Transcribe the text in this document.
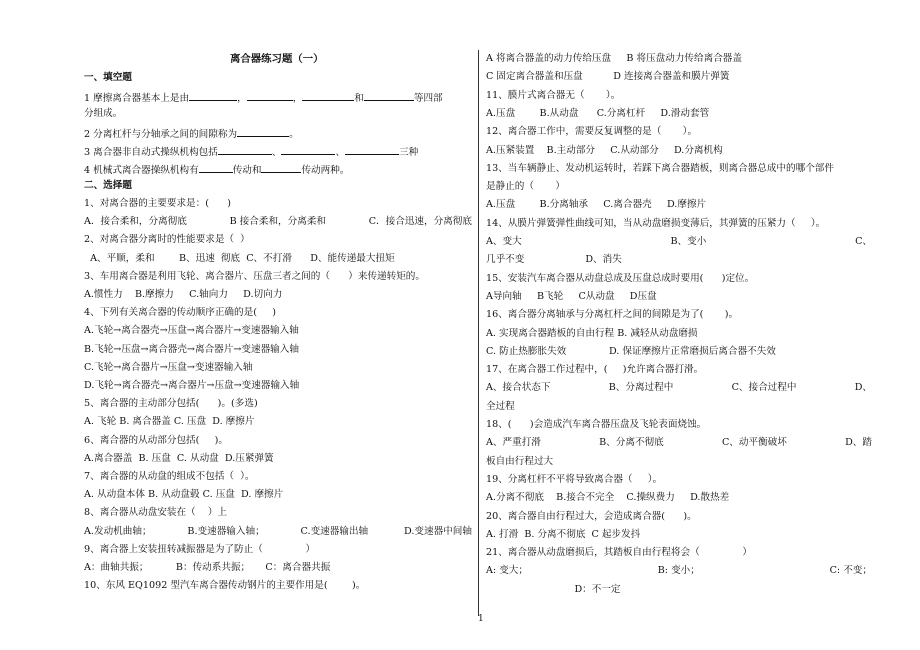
离合器练习题（一）
一、填空题
1 摩擦离合器基本上是由	，	，	和	等四部
分组成。
2 分离杠杆与分轴承之间的间隙称为	。
3 离合器非自动式操纵机构包括	、	、	三种
4 机械式离合器操纵机构有	传动和	传动两种。
二、选择题
1、对离合器的主要要求是：(      )
A．接合柔和，分离彻底	B 接合柔和，分离柔和	C．接合迅速，分离彻底
2、对离合器分离时的性能要求是（  ）
A、平顺，柔和        B、迅速  彻底  C、不打滑      D、能传递最大扭矩
3、车用离合器是利用飞轮、离合器片、压盘三者之间的（      ）来传递转矩的。
A.惯性力    B.摩擦力     C.轴向力     D.切向力
4、下列有关离合器的传动顺序正确的是(     )
A.飞轮→离合器壳→压盘→离合器片→变速器输入轴
B.飞轮→压盘→离合器壳→离合器片→变速器输入轴
C.飞轮→离合器片→压盘→变速器输入轴
D.飞轮→离合器壳→离合器片→压盘→变速器输入轴
5、离合器的主动部分包括(      )。(多选)
A. 飞轮 B. 离合器盖 C. 压盘  D. 摩擦片
6、离合器的从动部分包括(     )。
A.离合器盖  B. 压盘  C. 从动盘  D.压紧弹簧
7、离合器的从动盘的组成不包括（  ）。
A. 从动盘本体 B. 从动盘毂 C. 压盘  D. 摩擦片
8、离合器从动盘安装在（    ）上
A.发动机曲轴；	B.变速器输入轴；	C.变速器输出轴	D.变速器中间轴
9、离合器上安装扭转减振器是为了防止（              ）
A：曲轴共振；         B：传动系共振；     C：离合器共振
10、东风 EQ1092 型汽车离合器传动钢片的主要作用是(        )。
A 将离合器盖的动力传给压盘     B 将压盘动力传给离合器盖
C 固定离合器盖和压盘          D 连接离合器盖和膜片弹簧
11、膜片式离合器无（       ）。
A.压盘        B.从动盘      C.分离杠杆     D.滑动套管
12、离合器工作中，需要反复调整的是（       ）。
A.压紧装置    B.主动部分     C.从动部分     D.分离机构
13、当车辆静止、发动机运转时，若踩下离合器踏板，则离合器总成中的哪个部件
是静止的（       ）
A.压盘        B.分离轴承     C.离合器壳     D.摩擦片
14、从膜片弹簧弹性曲线可知，当从动盘磨损变薄后，其弹簧的压紧力（     ）。
A、变大	B、变小	C、
几乎不变                    D、消失
15、安装汽车离合器从动盘总成及压盘总成时要用(      )定位。
A导向轴     B飞轮     C从动盘     D压盘
16、离合器分离轴承与分离杠杆之间的间隙是为了(       )。
A. 实现离合器踏板的自由行程 B. 减轻从动盘磨损
C. 防止热膨胀失效              D. 保证摩擦片正常磨损后离合器不失效
17、在离合器工作过程中，(     )允许离合器打滑。
A、接合状态下	B、分离过程中	C、接合过程中	D、
全过程
18、(      )会造成汽车离合器压盘及飞轮表面烧蚀。
A、严重打滑	B、分离不彻底	C、动平衡破坏	D、踏
板自由行程过大
19、分离杠杆不平将导致离合器（     ）。
A.分离不彻底    B.接合不完全    C.操纵费力     D.散热差
20、离合器自由行程过大，会造成离合器(      )。
A. 打滑  B. 分离不彻底  C 起步发抖
21、离合器从动盘磨损后，其踏板自由行程将会（              ）
A: 变大；	B: 变小；	C: 不变；
D：不一定
1
